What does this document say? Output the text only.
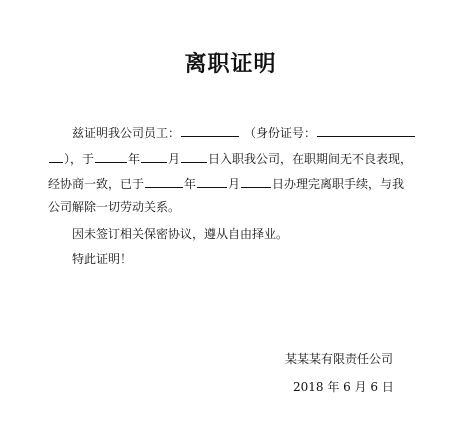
离职证明
兹证明我公司员工：	（身份证号：
），于	年 月 日入职我公司，在职期间无不良表现，
经协商一致，已于	年	月	日办理完离职手续，与我
公司解除一切劳动关系。
因未签订相关保密协议，遵从自由择业。
特此证明！
某某某有限责任公司
2018 年 6 月 6 日
